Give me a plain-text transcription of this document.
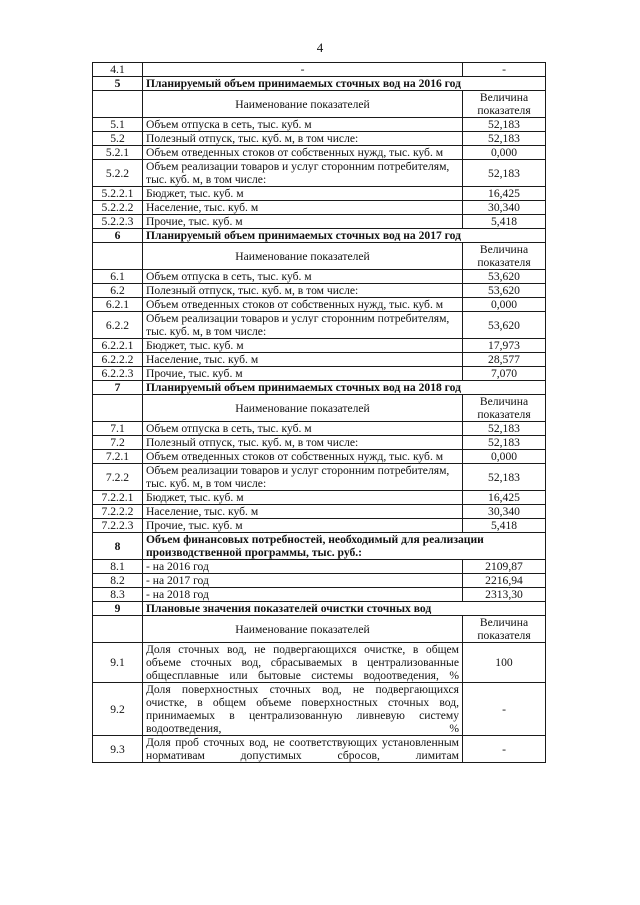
4
4.1	-	-
5	Планируемый объем принимаемых сточных вод на 2016 год	
	Наименование показателей	Величина показателя
5.1	Объем отпуска в сеть, тыс. куб. м	52,183
5.2	Полезный отпуск, тыс. куб. м, в том числе:	52,183
5.2.1	Объем отведенных стоков от собственных нужд, тыс. куб. м	0,000
5.2.2	Объем реализации товаров и услуг сторонним потребителям, тыс. куб. м, в том числе:	52,183
5.2.2.1	Бюджет, тыс. куб. м	16,425
5.2.2.2	Население, тыс. куб. м	30,340
5.2.2.3	Прочие, тыс. куб. м	5,418
6	Планируемый объем принимаемых сточных вод на 2017 год	
	Наименование показателей	Величина показателя
6.1	Объем отпуска в сеть, тыс. куб. м	53,620
6.2	Полезный отпуск, тыс. куб. м, в том числе:	53,620
6.2.1	Объем отведенных стоков от собственных нужд, тыс. куб. м	0,000
6.2.2	Объем реализации товаров и услуг сторонним потребителям, тыс. куб. м, в том числе:	53,620
6.2.2.1	Бюджет, тыс. куб. м	17,973
6.2.2.2	Население, тыс. куб. м	28,577
6.2.2.3	Прочие, тыс. куб. м	7,070
7	Планируемый объем принимаемых сточных вод на 2018 год	
	Наименование показателей	Величина показателя
7.1	Объем отпуска в сеть, тыс. куб. м	52,183
7.2	Полезный отпуск, тыс. куб. м, в том числе:	52,183
7.2.1	Объем отведенных стоков от собственных нужд, тыс. куб. м	0,000
7.2.2	Объем реализации товаров и услуг сторонним потребителям, тыс. куб. м, в том числе:	52,183
7.2.2.1	Бюджет, тыс. куб. м	16,425
7.2.2.2	Население, тыс. куб. м	30,340
7.2.2.3	Прочие, тыс. куб. м	5,418
8	Объем финансовых потребностей, необходимый для реализации производственной программы, тыс. руб.:	
8.1	- на 2016 год	2109,87
8.2	- на 2017 год	2216,94
8.3	- на 2018 год	2313,30
9	Плановые значения показателей очистки сточных вод	
	Наименование показателей	Величина показателя
9.1	Доля сточных вод, не подвергающихся очистке, в общем объеме сточных вод, сбрасываемых в централизованные общесплавные или бытовые системы водоотведения, %	100
9.2	Доля поверхностных сточных вод, не подвергающихся очистке, в общем объеме поверхностных сточных вод, принимаемых в централизованную ливневую систему водоотведения, %	-
9.3	Доля проб сточных вод, не соответствующих установленным нормативам допустимых сбросов, лимитам	-
